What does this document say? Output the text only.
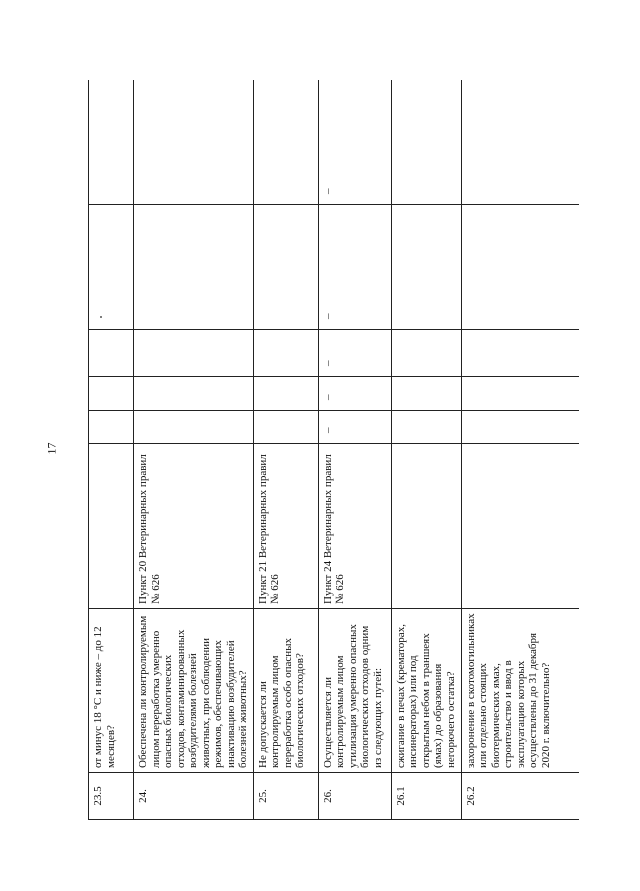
17
23.5	от минус 18 °С и ниже – до 12 месяцев?						
24.	Обеспечена ли контролируемым лицом переработка умеренно опасных биологических отходов, контаминированных возбудителями болезней животных, при соблюдении режимов, обеспечивающих инактивацию возбудителей болезней животных?	Пункт 20 Ветеринарных правил № 626					
25.	Не допускается ли контролируемым лицом переработка особо опасных биологических отходов?	Пункт 21 Ветеринарных правил № 626					
26.	Осуществляется ли контролируемым лицом утилизация умеренно опасных биологических отходов одним из следующих путей:	Пункт 24 Ветеринарных правил № 626	–	–	–	–	–

26.1	сжигание в печах (крематорах, инсинераторах) или под открытым небом в траншеях (ямах) до образования негорючего остатка?						
26.2	захоронение в скотомогильниках или отдельно стоящих биотермических ямах, строительство и ввод в эксплуатацию которых осуществлены до 31 декабря 2020 г. включительно?						
